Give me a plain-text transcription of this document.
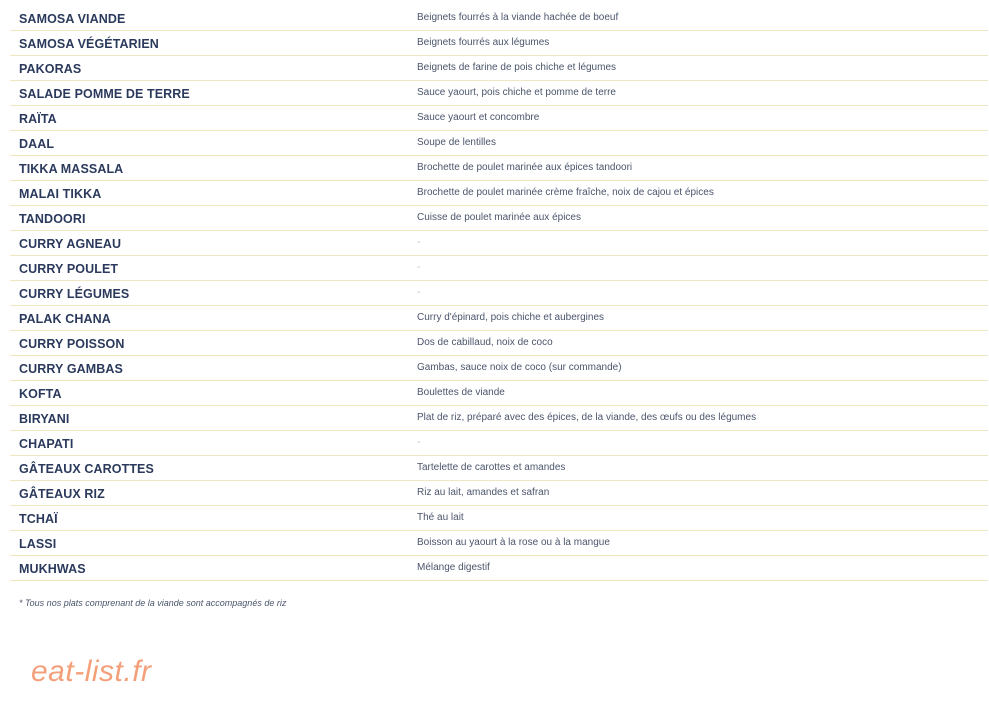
SAMOSA VIANDE	Beignets fourrés à la viande hachée de boeuf
SAMOSA VÉGÉTARIEN	Beignets fourrés aux légumes
PAKORAS	Beignets de farine de pois chiche et légumes
SALADE POMME DE TERRE	Sauce yaourt, pois chiche et pomme de terre
RAÏTA	Sauce yaourt et concombre
DAAL	Soupe de lentilles
TIKKA MASSALA	Brochette de poulet marinée aux épices tandoori
MALAI TIKKA	Brochette de poulet marinée crème fraîche, noix de cajou et épices
TANDOORI	Cuisse de poulet marinée aux épices
CURRY AGNEAU	-
CURRY POULET	-
CURRY LÉGUMES	-
PALAK CHANA	Curry d'épinard, pois chiche et aubergines
CURRY POISSON	Dos de cabillaud, noix de coco
CURRY GAMBAS	Gambas, sauce noix de coco (sur commande)
KOFTA	Boulettes de viande
BIRYANI	Plat de riz, préparé avec des épices, de la viande, des œufs ou des légumes
CHAPATI	-
GÂTEAUX CAROTTES	Tartelette de carottes et amandes
GÂTEAUX RIZ	Riz au lait, amandes et safran
TCHAÏ	Thé au lait
LASSI	Boisson au yaourt à la rose ou à la mangue
MUKHWAS	Mélange digestif
* Tous nos plats comprenant de la viande sont accompagnés de riz
eat-list.fr
